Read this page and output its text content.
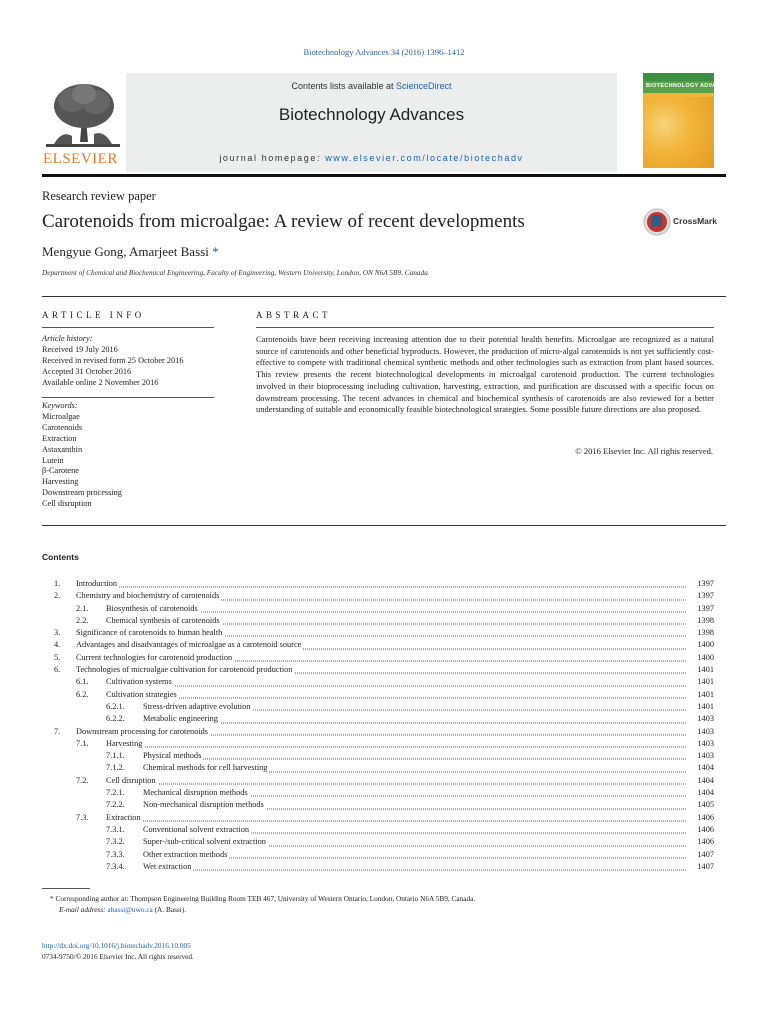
Biotechnology Advances 34 (2016) 1396–1412
ELSEVIER
Contents lists available at ScienceDirect
Biotechnology Advances
journal homepage: www.elsevier.com/locate/biotechadv
BIOTECHNOLOGY ADVANCES
Research review paper
Carotenoids from microalgae: A review of recent developments
Mengyue Gong, Amarjeet Bassi *
Department of Chemical and Biochemical Engineering, Faculty of Engineering, Western University, London, ON N6A 5B9, Canada
CrossMark
ARTICLE INFO
Article history:
Received 19 July 2016
Received in revised form 25 October 2016
Accepted 31 October 2016
Available online 2 November 2016
Keywords:
Microalgae
Carotenoids
Extraction
Astaxanthin
Lutein
β-Carotene
Harvesting
Downstream processing
Cell disruption
ABSTRACT
Carotenoids have been receiving increasing attention due to their potential health benefits. Microalgae are recognized as a natural source of carotenoids and other beneficial byproducts. However, the production of micro-algal carotenoids is not yet sufficiently cost-effective to compete with traditional chemical synthetic methods and other technologies such as extraction from plant based sources. This review presents the recent biotechnological developments in microalgal carotenoid production. The current technologies involved in their bioprocessing including cultivation, harvesting, extraction, and purification are discussed with a specific focus on downstream processing. The recent advances in chemical and biochemical synthesis of carotenoids are also reviewed for a better understanding of suitable and economically feasible biotechnological strategies. Some possible future directions are also proposed.
© 2016 Elsevier Inc. All rights reserved.
Contents
1. Introduction	1397
2. Chemistry and biochemistry of carotenoids	1397
2.1. Biosynthesis of carotenoids	1397
2.2. Chemical synthesis of carotenoids	1398
3. Significance of carotenoids to human health	1398
4. Advantages and disadvantages of microalgae as a carotenoid source	1400
5. Current technologies for carotenoid production	1400
6. Technologies of microalgae cultivation for carotenoid production	1401
6.1. Cultivation systems	1401
6.2. Cultivation strategies	1401
6.2.1. Stress-driven adaptive evolution	1401
6.2.2. Metabolic engineering	1403
7. Downstream processing for carotenoids	1403
7.1. Harvesting	1403
7.1.1. Physical methods	1403
7.1.2. Chemical methods for cell harvesting	1404
7.2. Cell disruption	1404
7.2.1. Mechanical disruption methods	1404
7.2.2. Non-mechanical disruption methods	1405
7.3. Extraction	1406
7.3.1. Conventional solvent extraction	1406
7.3.2. Super-/sub-critical solvent extraction	1406
7.3.3. Other extraction methods	1407
7.3.4. Wet extraction	1407
* Corresponding author at: Thompson Engineering Building Room TEB 467, University of Western Ontario, London, Ontario N6A 5B9, Canada.
E-mail address: abassi@uwo.ca (A. Bassi).
http://dx.doi.org/10.1016/j.biotechadv.2016.10.005
0734-9750/© 2016 Elsevier Inc. All rights reserved.
